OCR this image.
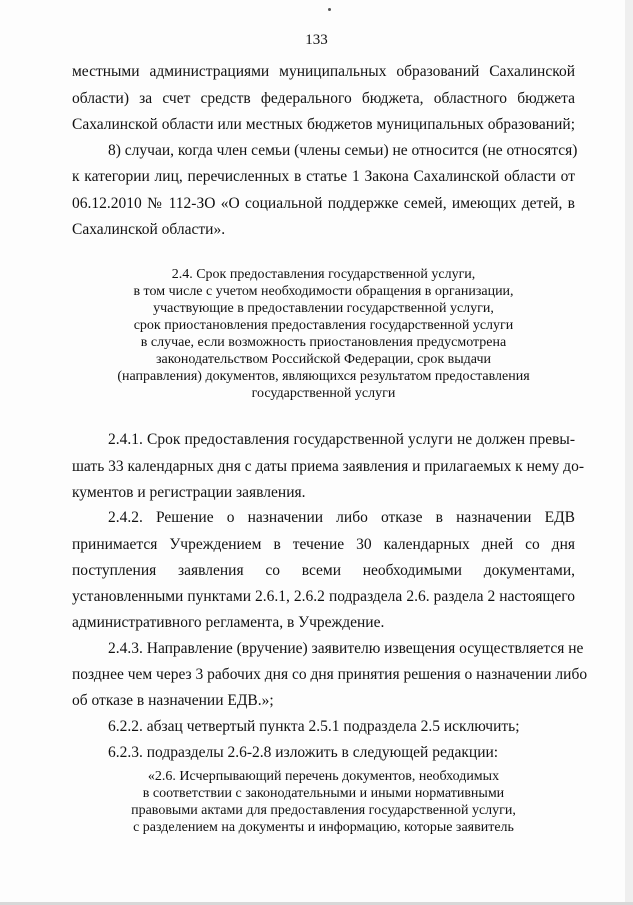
133
местными администрациями муниципальных образований Сахалинской
области) за счет средств федерального бюджета, областного бюджета
Сахалинской области или местных бюджетов муниципальных образований;
8) случаи, когда член семьи (члены семьи) не относится (не относятся)
к категории лиц, перечисленных в статье 1 Закона Сахалинской области от
06.12.2010 № 112-ЗО «О социальной поддержке семей, имеющих детей, в
Сахалинской области».
2.4. Срок предоставления государственной услуги,
в том числе с учетом необходимости обращения в организации,
участвующие в предоставлении государственной услуги,
срок приостановления предоставления государственной услуги
в случае, если возможность приостановления предусмотрена
законодательством Российской Федерации, срок выдачи
(направления) документов, являющихся результатом предоставления
государственной услуги
2.4.1. Срок предоставления государственной услуги не должен превы-
шать 33 календарных дня с даты приема заявления и прилагаемых к нему до-
кументов и регистрации заявления.
2.4.2. Решение о назначении либо отказе в назначении ЕДВ
принимается Учреждением в течение 30 календарных дней со дня
поступления заявления со всеми необходимыми документами,
установленными пунктами 2.6.1, 2.6.2 подраздела 2.6. раздела 2 настоящего
административного регламента, в Учреждение.
2.4.3. Направление (вручение) заявителю извещения осуществляется не
позднее чем через 3 рабочих дня со дня принятия решения о назначении либо
об отказе в назначении ЕДВ.»;
6.2.2. абзац четвертый пункта 2.5.1 подраздела 2.5 исключить;
6.2.3. подразделы 2.6-2.8 изложить в следующей редакции:
«2.6. Исчерпывающий перечень документов, необходимых
в соответствии с законодательными и иными нормативными
правовыми актами для предоставления государственной услуги,
с разделением на документы и информацию, которые заявитель
